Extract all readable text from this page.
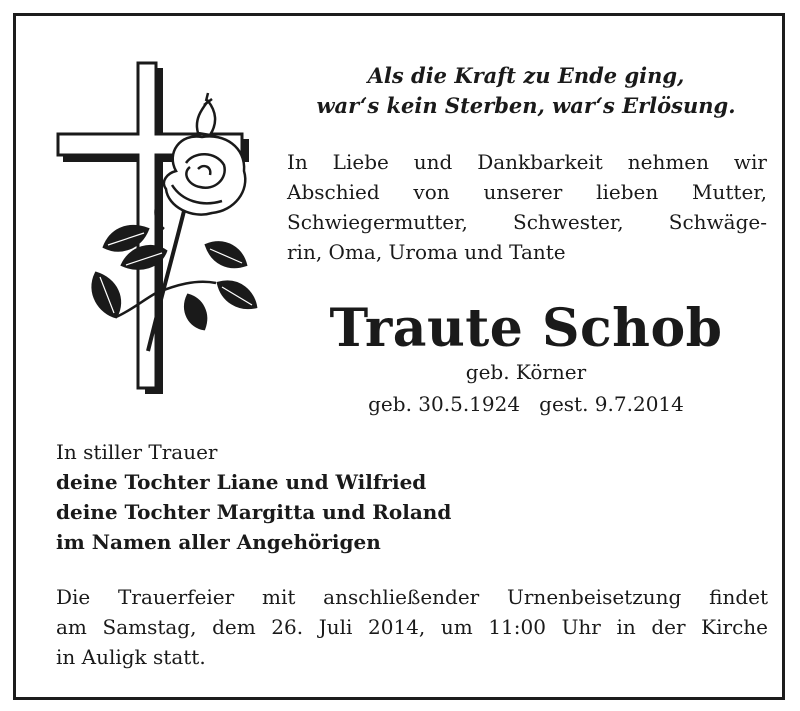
Als die Kraft zu Ende ging,
war‘s kein Sterben, war‘s Erlösung.
In Liebe und Dankbarkeit nehmen wir
Abschied von unserer lieben Mutter,
Schwiegermutter, Schwester, Schwäge-
rin, Oma, Uroma und Tante
Traute Schob
geb. Körner
geb. 30.5.1924 gest. 9.7.2014
In stiller Trauer
deine Tochter Liane und Wilfried
deine Tochter Margitta und Roland
im Namen aller Angehörigen
Die Trauerfeier mit anschließender Urnenbeisetzung findet
am Samstag, dem 26. Juli 2014, um 11:00 Uhr in der Kirche
in Auligk statt.
